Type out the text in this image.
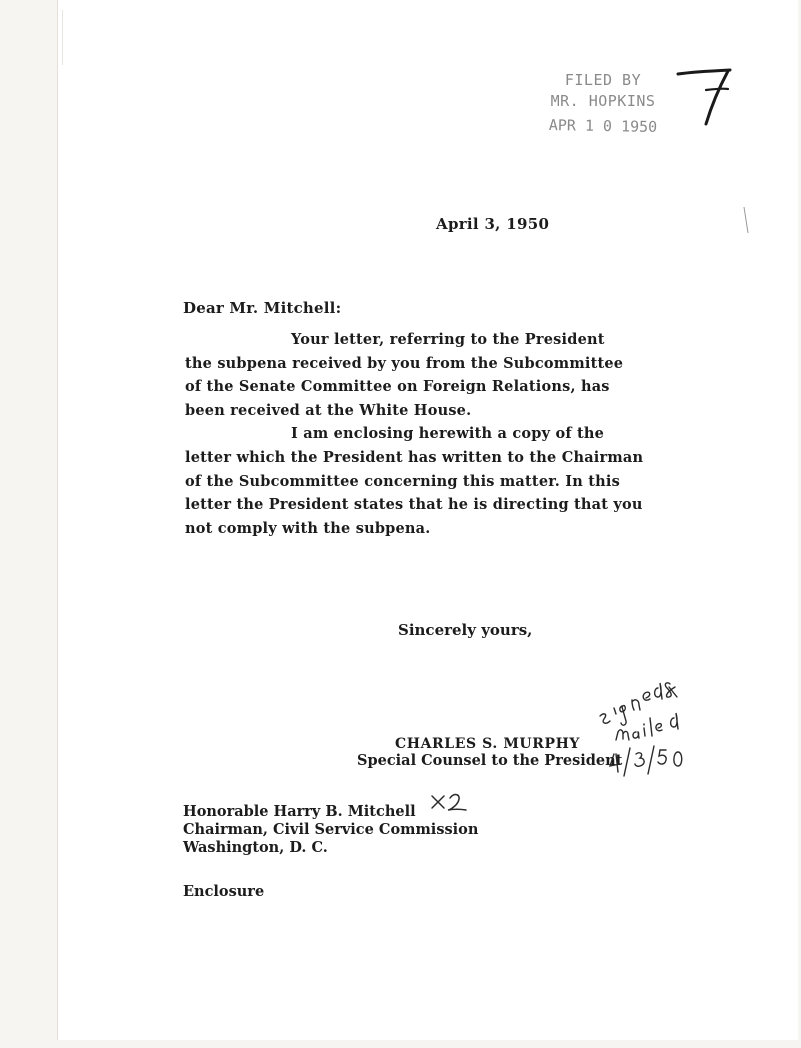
FILED BY
MR. HOPKINS
APR 1 0 1950
April 3, 1950
Dear Mr. Mitchell:
Your letter, referring to the President
the subpena received by you from the Subcommittee
of the Senate Committee on Foreign Relations, has
been received at the White House.
I am enclosing herewith a copy of the
letter which the President has written to the Chairman
of the Subcommittee concerning this matter. In this
letter the President states that he is directing that you
not comply with the subpena.
Sincerely yours,
CHARLES S. MURPHY
Special Counsel to the President
Honorable Harry B. Mitchell
Chairman, Civil Service Commission
Washington, D. C.
Enclosure
